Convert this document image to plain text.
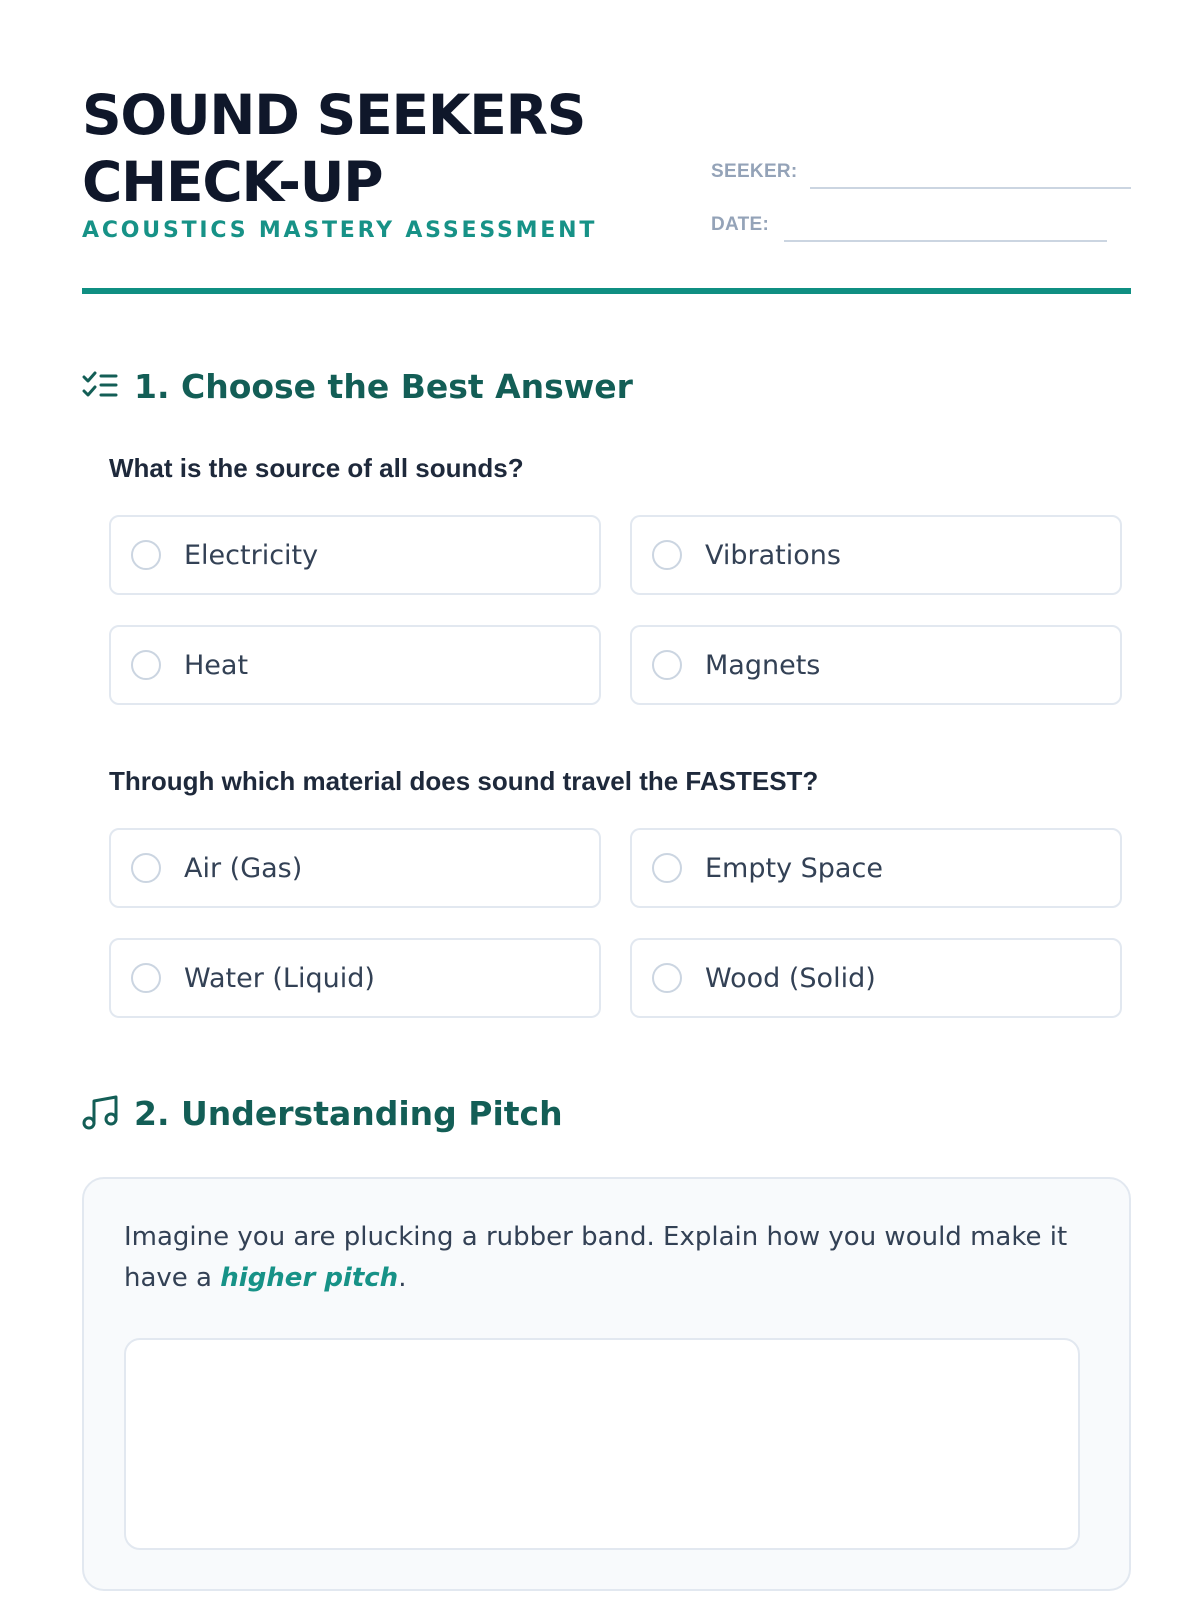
SOUND SEEKERS
CHECK-UP
ACOUSTICS MASTERY ASSESSMENT
SEEKER:
DATE:
1. Choose the Best Answer
What is the source of all sounds?
Electricity	Vibrations
Heat	Magnets
Through which material does sound travel the FASTEST?
Air (Gas)	Empty Space
Water (Liquid)	Wood (Solid)
2. Understanding Pitch
Imagine you are plucking a rubber band. Explain how you would make it have a higher pitch.
